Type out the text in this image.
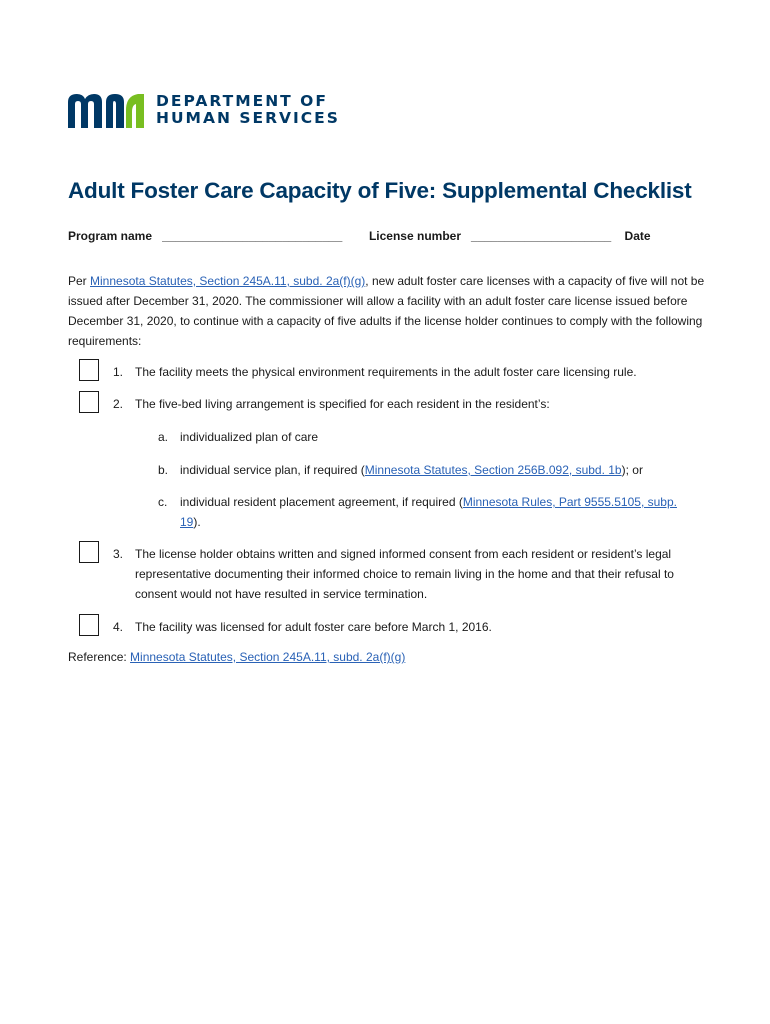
DEPARTMENT OF
HUMAN SERVICES
Adult Foster Care Capacity of Five: Supplemental Checklist
Program name ___________________________ License number _____________________ Date

Per Minnesota Statutes, Section 245A.11, subd. 2a(f)(g), new adult foster care licenses with a capacity of five will not be issued after December 31, 2020. The commissioner will allow a facility with an adult foster care license issued before December 31, 2020, to continue with a capacity of five adults if the license holder continues to comply with the following requirements:

1. The facility meets the physical environment requirements in the adult foster care licensing rule.
2. The five-bed living arrangement is specified for each resident in the resident’s:
a. individualized plan of care
b. individual service plan, if required (Minnesota Statutes, Section 256B.092, subd. 1b); or
c. individual resident placement agreement, if required (Minnesota Rules, Part 9555.5105, subp. 19).
3. The license holder obtains written and signed informed consent from each resident or resident’s legal representative documenting their informed choice to remain living in the home and that their refusal to consent would not have resulted in service termination.
4. The facility was licensed for adult foster care before March 1, 2016.
Reference: Minnesota Statutes, Section 245A.11, subd. 2a(f)(g)
